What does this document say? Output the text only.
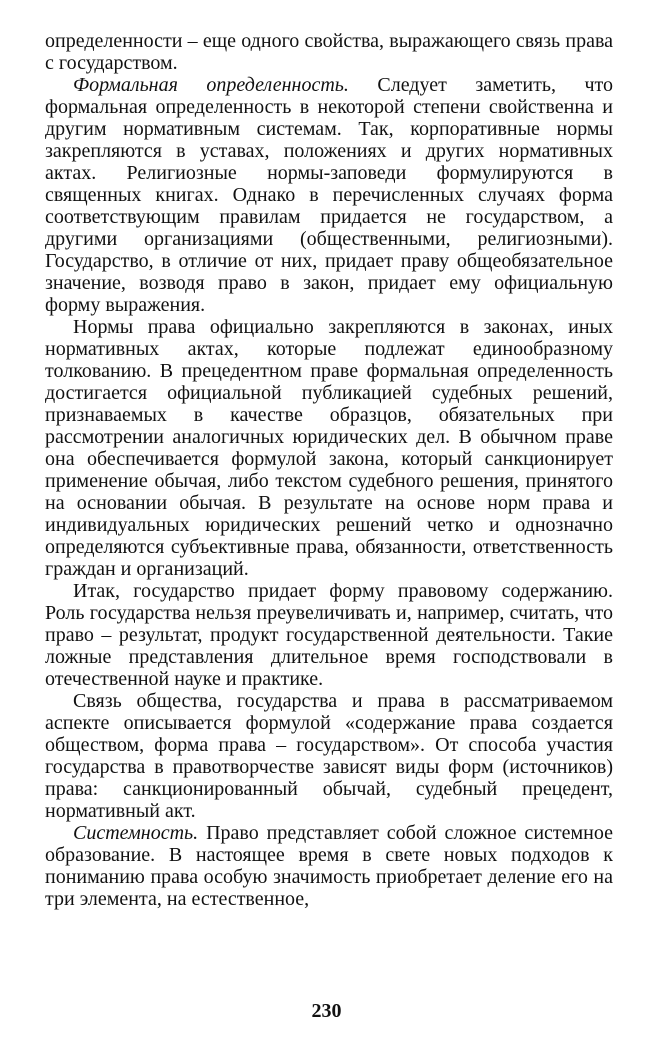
определенности – еще одного свойства, выражающего связь права с государством.

Формальная определенность. Следует заметить, что формальная определенность в некоторой степени свойственна и другим нормативным системам. Так, корпоративные нормы закрепляются в уставах, положениях и других нормативных актах. Религиозные нормы-заповеди формулируются в священных книгах. Однако в перечисленных случаях форма соответствующим правилам придается не государством, а другими организациями (общественными, религиозными). Государство, в отличие от них, придает праву общеобязательное значение, возводя право в закон, придает ему официальную форму выражения.

Нормы права официально закрепляются в законах, иных нормативных актах, которые подлежат единообразному толкованию. В прецедентном праве формальная определенность достигается официальной публикацией судебных решений, признаваемых в качестве образцов, обязательных при рассмотрении аналогичных юридических дел. В обычном праве она обеспечивается формулой закона, который санкционирует применение обычая, либо текстом судебного решения, принятого на основании обычая. В результате на основе норм права и индивидуальных юридических решений четко и однозначно определяются субъективные права, обязанности, ответственность граждан и организаций.

Итак, государство придает форму правовому содержанию. Роль государства нельзя преувеличивать и, например, считать, что право – результат, продукт государственной деятельности. Такие ложные представления длительное время господствовали в отечественной науке и практике.

Связь общества, государства и права в рассматриваемом аспекте описывается формулой «содержание права создается обществом, форма права – государством». От способа участия государства в правотворчестве зависят виды форм (источников) права: санкционированный обычай, судебный прецедент, нормативный акт.

Системность. Право представляет собой сложное системное образование. В настоящее время в свете новых подходов к пониманию права особую значимость приобретает деление его на три элемента, на естественное,

230
